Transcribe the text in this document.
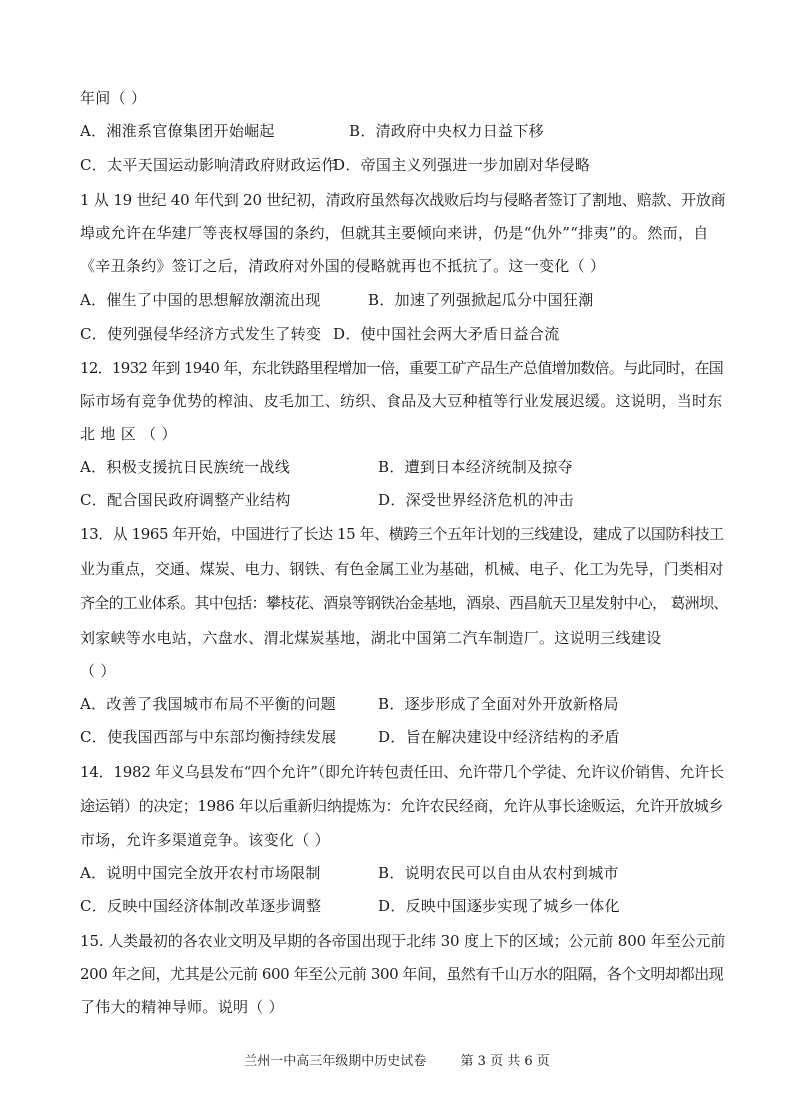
年间（ ）
A．湘淮系官僚集团开始崛起	B．清政府中央权力日益下移
C．太平天国运动影响清政府财政运作
D．帝国主义列强进一步加剧对华侵略
1 从 19 世纪 40 年代到 20 世纪初，清政府虽然每次战败后均与侵略者签订了割地、赔款、开放商
埠或允许在华建厂等丧权辱国的条约，但就其主要倾向来讲，仍是“仇外”“排夷”的。然而，自
《辛丑条约》签订之后，清政府对外国的侵略就再也不抵抗了。这一变化（ ）
A．催生了中国的思想解放潮流出现	B．加速了列强掀起瓜分中国狂潮
C．使列强侵华经济方式发生了转变 D．使中国社会两大矛盾日益合流
12．1932 年到 1940 年，东北铁路里程增加一倍，重要工矿产品生产总值增加数倍。与此同时，在国
际市场有竞争优势的榨油、皮毛加工、纺织、食品及大豆种植等行业发展迟缓。这说明，当时东
北 地 区 （ ）
A．积极支援抗日民族统一战线	B．遭到日本经济统制及掠夺
C．配合国民政府调整产业结构	D．深受世界经济危机的冲击
13．从 1965 年开始，中国进行了长达 15 年、横跨三个五年计划的三线建设，建成了以国防科技工
业为重点，交通、煤炭、电力、钢铁、有色金属工业为基础，机械、电子、化工为先导，门类相对
齐全的工业体系。其中包括：攀枝花、酒泉等钢铁冶金基地，酒泉、西昌航天卫星发射中心， 葛洲坝、
刘家峡等水电站，六盘水、渭北煤炭基地，湖北中国第二汽车制造厂。这说明三线建设
（ ）
A．改善了我国城市布局不平衡的问题	B．逐步形成了全面对外开放新格局
C．使我国西部与中东部均衡持续发展	D．旨在解决建设中经济结构的矛盾
14．1982 年义乌县发布“四个允许”（即允许转包责任田、允许带几个学徒、允许议价销售、允许长
途运销）的决定；1986 年以后重新归纳提炼为：允许农民经商，允许从事长途贩运，允许开放城乡
市场，允许多渠道竞争。该变化（ ）
A．说明中国完全放开农村市场限制	B．说明农民可以自由从农村到城市
C．反映中国经济体制改革逐步调整	D．反映中国逐步实现了城乡一体化
15. 人类最初的各农业文明及早期的各帝国出现于北纬 30 度上下的区域；公元前 800 年至公元前
200 年之间，尤其是公元前 600 年至公元前 300 年间，虽然有千山万水的阻隔，各个文明却都出现
了伟大的精神导师。说明（ ）
兰州一中高三年级期中历史试卷	第 3 页 共 6 页
